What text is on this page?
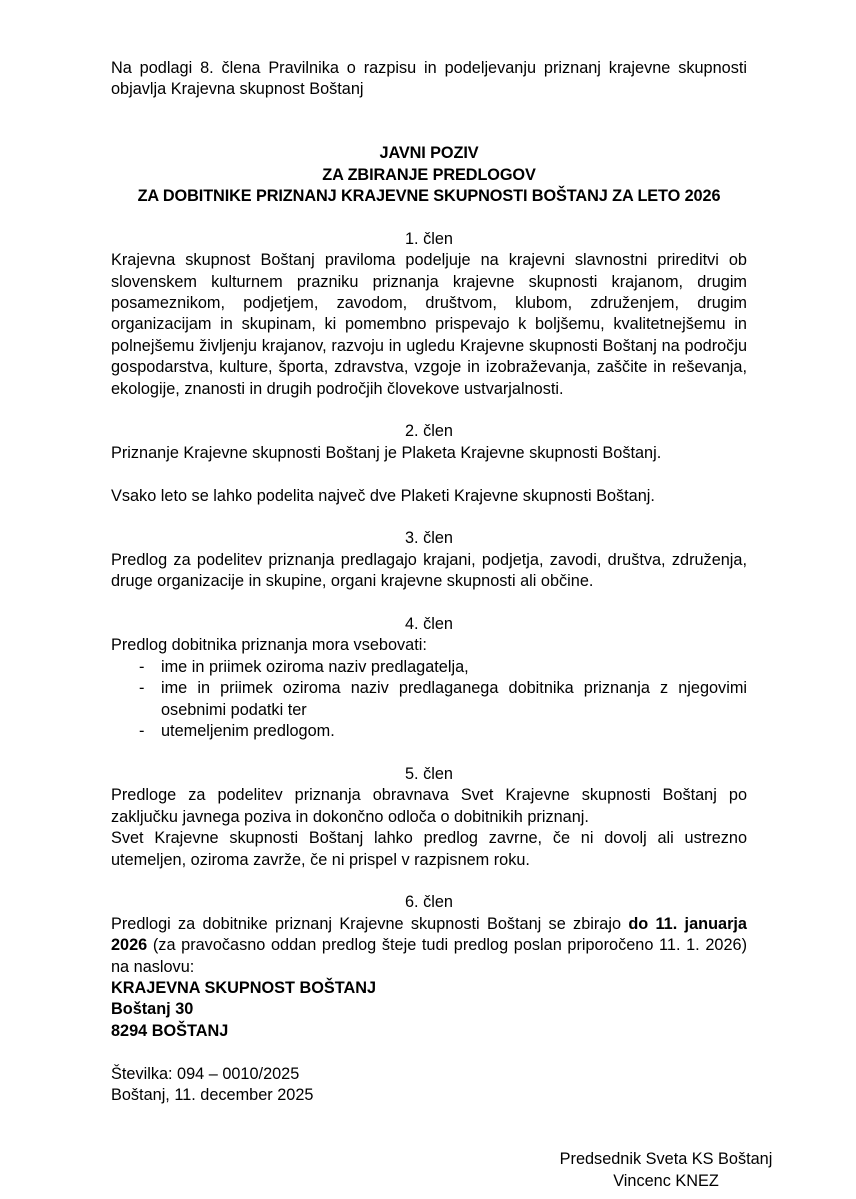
Na podlagi 8. člena Pravilnika o razpisu in podeljevanju priznanj krajevne skupnosti objavlja Krajevna skupnost Boštanj

JAVNI POZIV

ZA ZBIRANJE PREDLOGOV

ZA DOBITNIKE PRIZNANJ KRAJEVNE SKUPNOSTI BOŠTANJ ZA LETO 2026

1. člen

Krajevna skupnost Boštanj praviloma podeljuje na krajevni slavnostni prireditvi ob slovenskem kulturnem prazniku priznanja krajevne skupnosti krajanom, drugim posameznikom, podjetjem, zavodom, društvom, klubom, združenjem, drugim organizacijam in skupinam, ki pomembno prispevajo k boljšemu, kvalitetnejšemu in polnejšemu življenju krajanov, razvoju in ugledu Krajevne skupnosti Boštanj na področju gospodarstva, kulture, športa, zdravstva, vzgoje in izobraževanja, zaščite in reševanja, ekologije, znanosti in drugih področjih človekove ustvarjalnosti.

2. člen

Priznanje Krajevne skupnosti Boštanj je Plaketa Krajevne skupnosti Boštanj.

Vsako leto se lahko podelita največ dve Plaketi Krajevne skupnosti Boštanj.

3. člen

Predlog za podelitev priznanja predlagajo krajani, podjetja, zavodi, društva, združenja, druge organizacije in skupine, organi krajevne skupnosti ali občine.

4. člen

Predlog dobitnika priznanja mora vsebovati:

- ime in priimek oziroma naziv predlagatelja,
- ime in priimek oziroma naziv predlaganega dobitnika priznanja z njegovimi osebnimi podatki ter
- utemeljenim predlogom.

5. člen

Predloge za podelitev priznanja obravnava Svet Krajevne skupnosti Boštanj po zaključku javnega poziva in dokončno odloča o dobitnikih priznanj.

Svet Krajevne skupnosti Boštanj lahko predlog zavrne, če ni dovolj ali ustrezno utemeljen, oziroma zavrže, če ni prispel v razpisnem roku.

6. člen

Predlogi za dobitnike priznanj Krajevne skupnosti Boštanj se zbirajo do 11. januarja 2026 (za pravočasno oddan predlog šteje tudi predlog poslan priporočeno 11. 1. 2026) na naslovu:

KRAJEVNA SKUPNOST BOŠTANJ

Boštanj 30

8294 BOŠTANJ

Številka: 094 – 0010/2025

Boštanj, 11. december 2025

Predsednik Sveta KS Boštanj

Vincenc KNEZ
